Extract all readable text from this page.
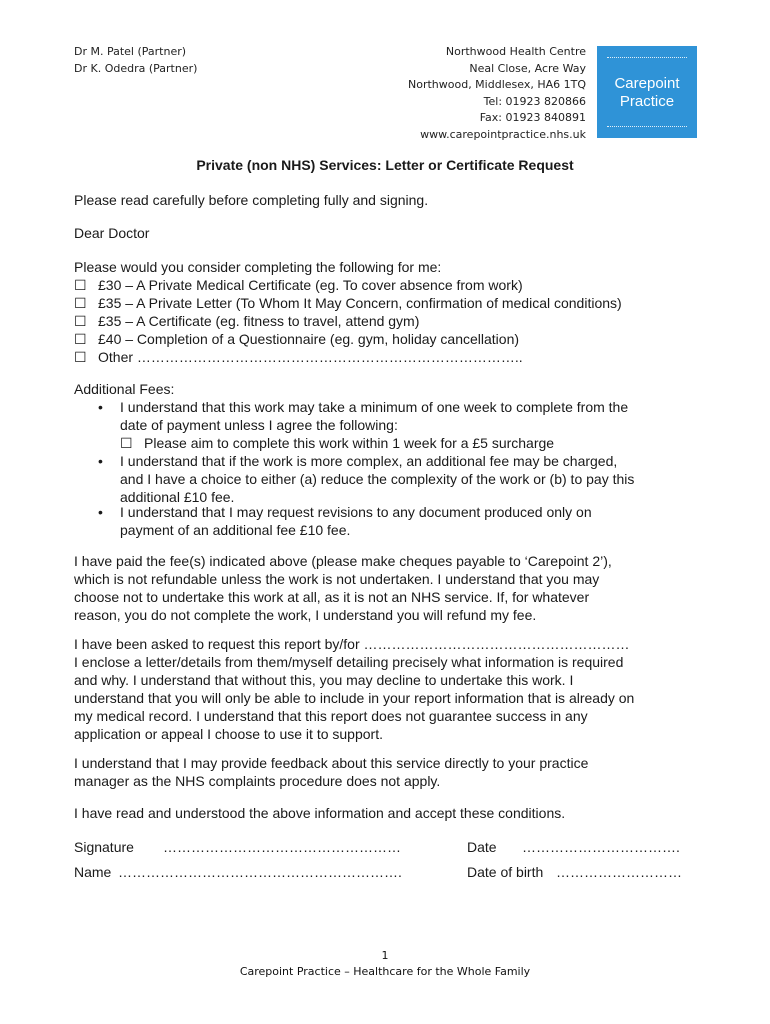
Dr M. Patel (Partner)
Dr K. Odedra (Partner)
Northwood Health Centre
Neal Close, Acre Way
Northwood, Middlesex, HA6 1TQ
Tel: 01923 820866
Fax: 01923 840891
www.carepointpractice.nhs.uk
Carepoint
Practice
Private (non NHS) Services: Letter or Certificate Request
Please read carefully before completing fully and signing.
Dear Doctor
Please would you consider completing the following for me:
☐ £30 – A Private Medical Certificate (eg. To cover absence from work)
☐ £35 – A Private Letter (To Whom It May Concern, confirmation of medical conditions)
☐ £35 – A Certificate (eg. fitness to travel, attend gym)
☐ £40 – Completion of a Questionnaire (eg. gym, holiday cancellation)
☐ Other ………………………………………………………………………..
Additional Fees:
• I understand that this work may take a minimum of one week to complete from the
date of payment unless I agree the following:
☐ Please aim to complete this work within 1 week for a £5 surcharge
• I understand that if the work is more complex, an additional fee may be charged,
and I have a choice to either (a) reduce the complexity of the work or (b) to pay this
additional £10 fee.
• I understand that I may request revisions to any document produced only on
payment of an additional fee £10 fee.
I have paid the fee(s) indicated above (please make cheques payable to ‘Carepoint 2’),
which is not refundable unless the work is not undertaken. I understand that you may
choose not to undertake this work at all, as it is not an NHS service. If, for whatever
reason, you do not complete the work, I understand you will refund my fee.
I have been asked to request this report by/for …………………………………………………
I enclose a letter/details from them/myself detailing precisely what information is required
and why. I understand that without this, you may decline to undertake this work. I
understand that you will only be able to include in your report information that is already on
my medical record. I understand that this report does not guarantee success in any
application or appeal I choose to use it to support.
I understand that I may provide feedback about this service directly to your practice
manager as the NHS complaints procedure does not apply.
I have read and understood the above information and accept these conditions.
Signature ……………………………………………	Date …………………………….
Name …………………………………………………….	Date of birth ………………………
1
Carepoint Practice – Healthcare for the Whole Family
